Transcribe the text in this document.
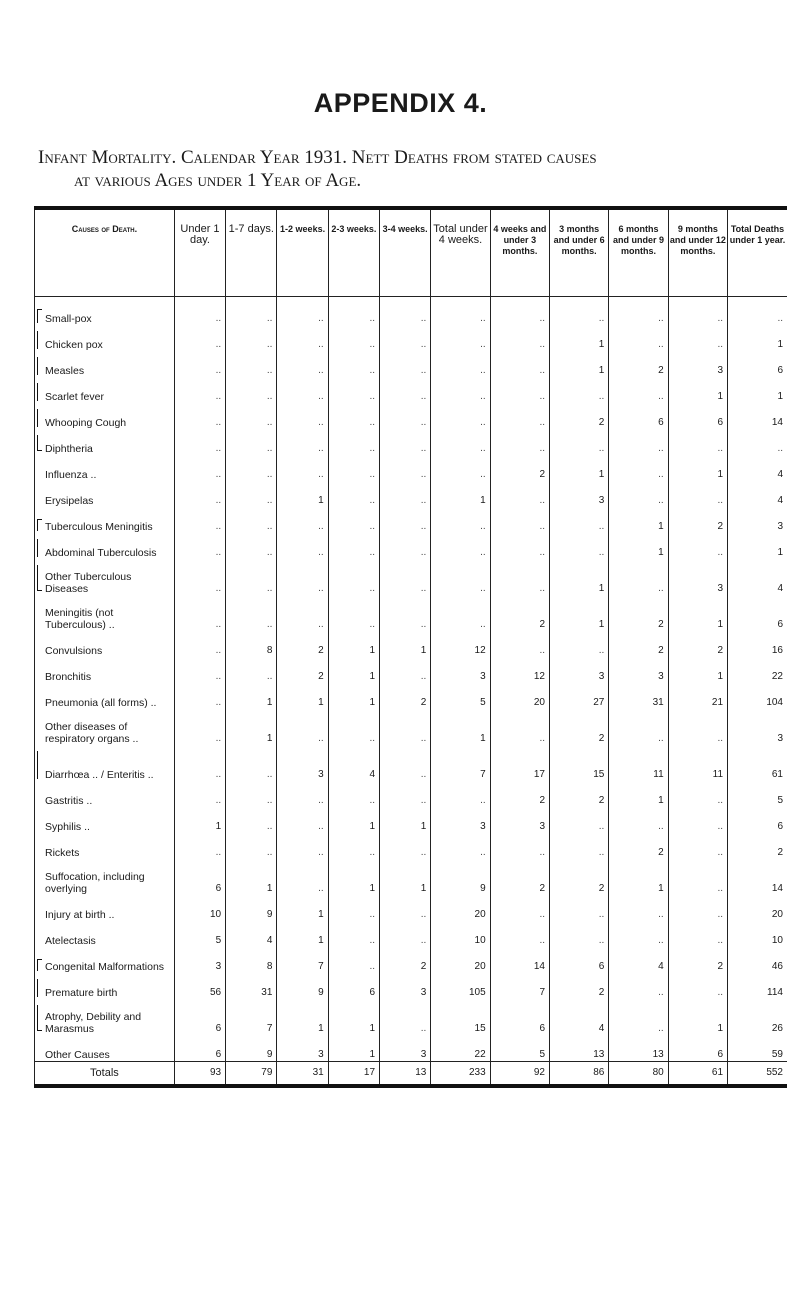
APPENDIX 4.

Infant Mortality. Calendar Year 1931. Nett Deaths from stated causes
at various Ages under 1 Year of Age.

Causes of Death.	Under 1 day.	1-7 days.	1-2 weeks.	2-3 weeks.	3-4 weeks.	Total under 4 weeks.	4 weeks and under 3 months.	3 months and under 6 months.	6 months and under 9 months.	9 months and under 12 months.	Total Deaths under 1 year.
Small-pox	..	..	..	..	..	..	..	..	..	..	..
Chicken pox	..	..	..	..	..	..	..	1	..	..	1
Measles	..	..	..	..	..	..	..	1	2	3	6
Scarlet fever	..	..	..	..	..	..	..	..	..	1	1
Whooping Cough	..	..	..	..	..	..	..	2	6	6	14
Diphtheria	..	..	..	..	..	..	..	..	..	..	..
Influenza ..	..	..	..	..	..	..	2	1	..	1	4
Erysipelas	..	..	1	..	..	1	..	3	..	..	4
Tuberculous Meningitis	..	..	..	..	..	..	..	..	1	2	3
Abdominal Tuberculosis	..	..	..	..	..	..	..	..	1	..	1
Other Tuberculous Diseases	..	..	..	..	..	..	..	1	..	3	4
Meningitis (not Tuberculous) ..	..	..	..	..	..	..	2	1	2	1	6
Convulsions	..	8	2	1	1	12	..	..	2	2	16
Bronchitis	..	..	2	1	..	3	12	3	3	1	22
Pneumonia (all forms) ..	..	1	1	1	2	5	20	27	31	21	104
Other diseases of respiratory organs ..	..	1	..	..	..	1	..	2	..	..	3
Diarrhœa .. / Enteritis ..	..	..	3	4	..	7	17	15	11	11	61
Gastritis ..	..	..	..	..	..	..	2	2	1	..	5
Syphilis ..	1	..	..	1	1	3	3	..	..	..	6
Rickets	..	..	..	..	..	..	..	..	2	..	2
Suffocation, including overlying	6	1	..	1	1	9	2	2	1	..	14
Injury at birth ..	10	9	1	..	..	20	..	..	..	..	20
Atelectasis	5	4	1	..	..	10	..	..	..	..	10
Congenital Malformations	3	8	7	..	2	20	14	6	4	2	46
Premature birth	56	31	9	6	3	105	7	2	..	..	114
Atrophy, Debility and Marasmus	6	7	1	1	..	15	6	4	..	1	26
Other Causes	6	9	3	1	3	22	5	13	13	6	59
Totals	93	79	31	17	13	233	92	86	80	61	552
